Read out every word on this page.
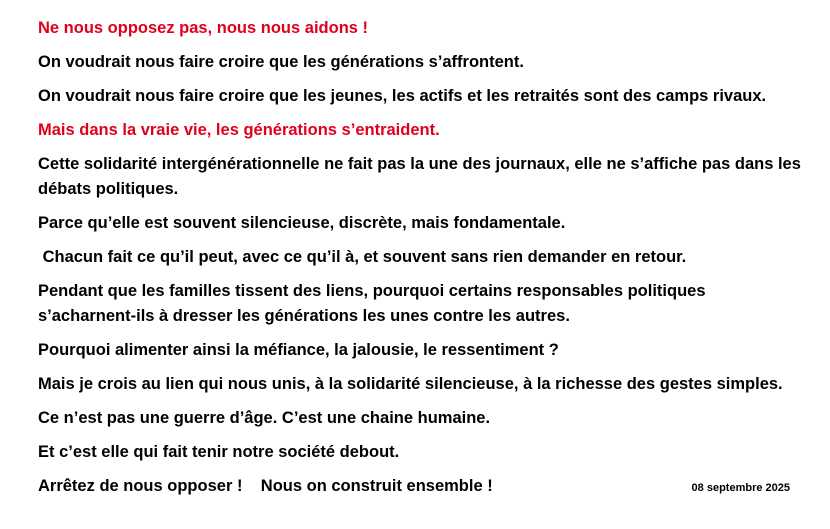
Ne nous opposez pas, nous nous aidons !

On voudrait nous faire croire que les générations s’affrontent.

On voudrait nous faire croire que les jeunes, les actifs et les retraités sont des camps rivaux.

Mais dans la vraie vie, les générations s’entraident.

Cette solidarité intergénérationnelle ne fait pas la une des journaux, elle ne s’affiche pas dans les débats politiques.

Parce qu’elle est souvent silencieuse, discrète, mais fondamentale.

Chacun fait ce qu’il peut, avec ce qu’il à, et souvent sans rien demander en retour.

Pendant que les familles tissent des liens, pourquoi certains responsables politiques s’acharnent-ils à dresser les générations les unes contre les autres.

Pourquoi alimenter ainsi la méfiance, la jalousie, le ressentiment ?

Mais je crois au lien qui nous unis, à la solidarité silencieuse, à la richesse des gestes simples.

Ce n’est pas une guerre d’âge. C’est une chaine humaine.

Et c’est elle qui fait tenir notre société debout.

Arrêtez de nous opposer !    Nous on construit ensemble !	08 septembre 2025
